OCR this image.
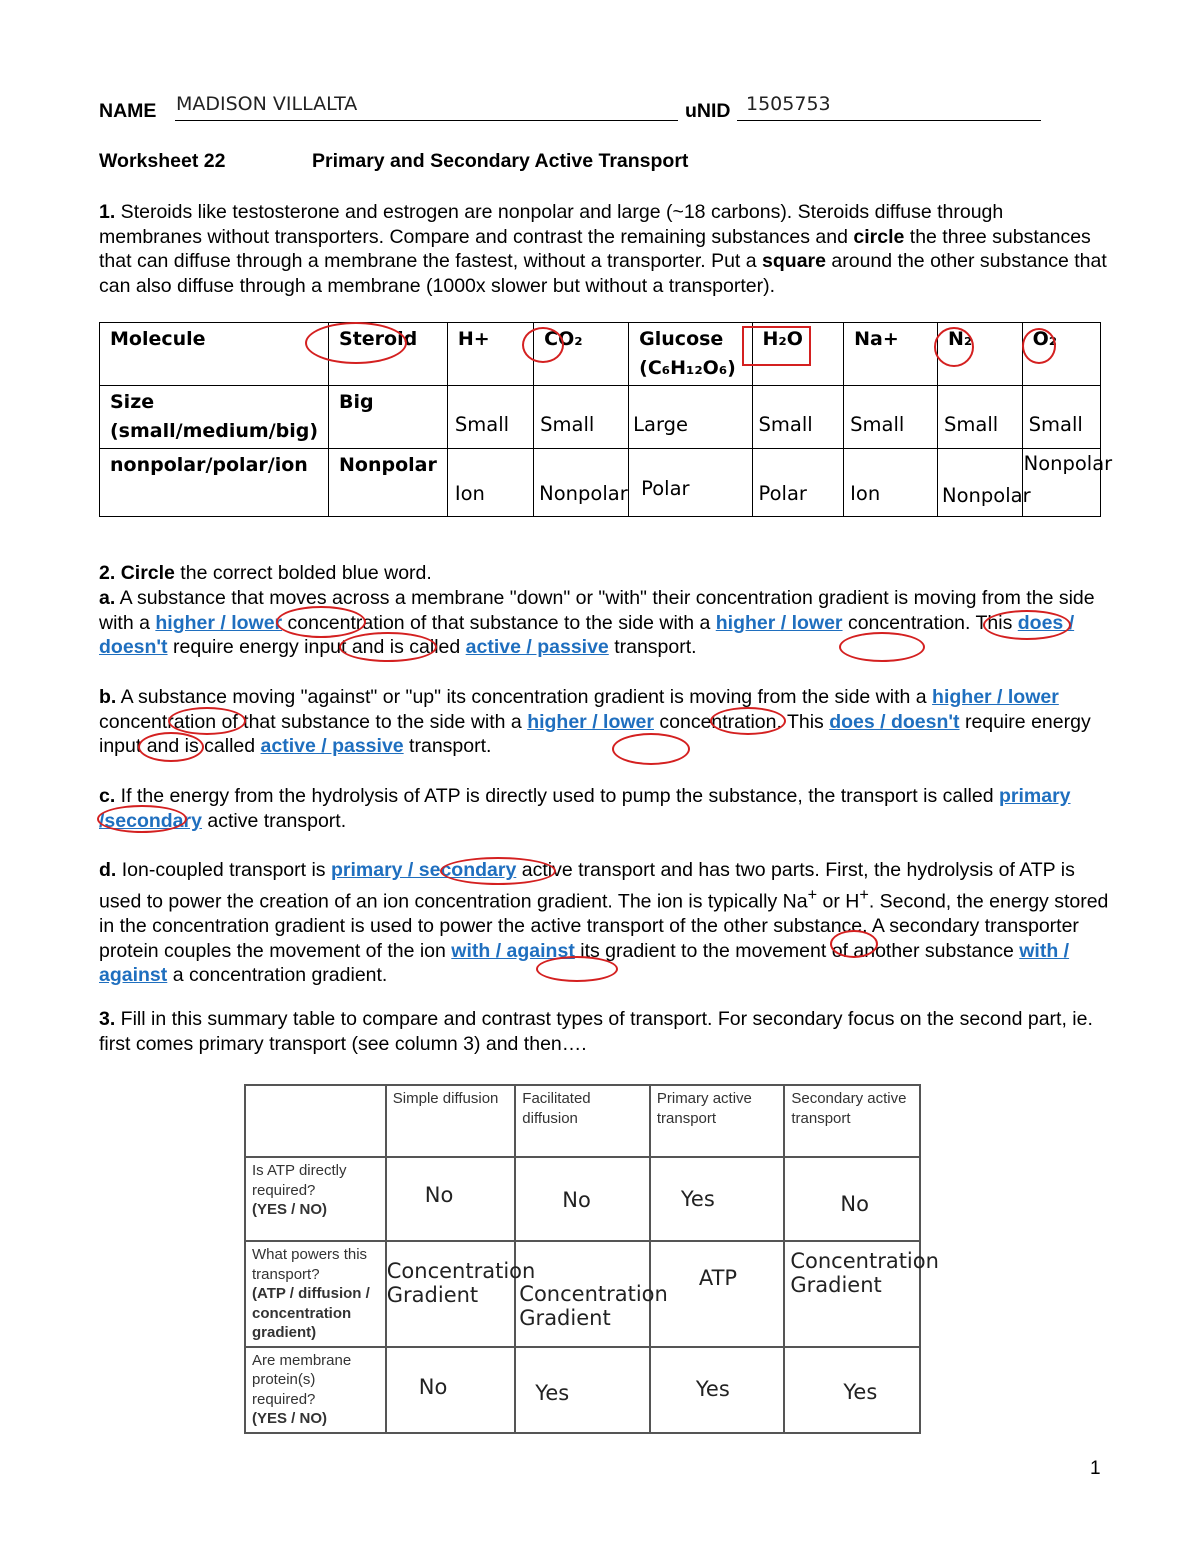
NAME MADISON VILLALTA	uNID 1505753
Worksheet 22	Primary and Secondary Active Transport

1. Steroids like testosterone and estrogen are nonpolar and large (~18 carbons). Steroids diffuse through membranes without transporters. Compare and contrast the remaining substances and circle the three substances that can diffuse through a membrane the fastest, without a transporter. Put a square around the other substance that can also diffuse through a membrane (1000x slower but without a transporter).

Molecule	Steroid	H+	CO₂	Glucose (C₆H₁₂O₆)	H₂O	Na+	N₂	O₂

Size (small/medium/big)	Big	Small	Small	Large	Small	Small	Small	Small

nonpolar/polar/ion	Nonpolar	Ion	Nonpolar	Polar	Polar	Ion	Nonpolar	Nonpolar

2. Circle the correct bolded blue word.

a. A substance that moves across a membrane "down" or "with" their concentration gradient is moving from the side with a higher / lower concentration of that substance to the side with a higher / lower concentration. This does / doesn't require energy input and is called active / passive transport.

b. A substance moving "against" or "up" its concentration gradient is moving from the side with a higher / lower concentration of that substance to the side with a higher / lower concentration. This does / doesn't require energy input and is called active / passive transport.

c. If the energy from the hydrolysis of ATP is directly used to pump the substance, the transport is called primary /secondary active transport.

d. Ion-coupled transport is primary / secondary active transport and has two parts. First, the hydrolysis of ATP is used to power the creation of an ion concentration gradient. The ion is typically Na+ or H+. Second, the energy stored in the concentration gradient is used to power the active transport of the other substance. A secondary transporter protein couples the movement of the ion with / against its gradient to the movement of another substance with / against a concentration gradient.

3. Fill in this summary table to compare and contrast types of transport. For secondary focus on the second part, ie. first comes primary transport (see column 3) and then….

	Simple diffusion	Facilitated diffusion	Primary active transport	Secondary active transport

Is ATP directly required?
(YES / NO)	No	No	Yes	No

What powers this transport?
(ATP / diffusion / concentration gradient)	Concentration Gradient	Concentration Gradient	ATP	Concentration Gradient

Are membrane protein(s) required?
(YES / NO)	No	Yes	Yes	Yes
1
